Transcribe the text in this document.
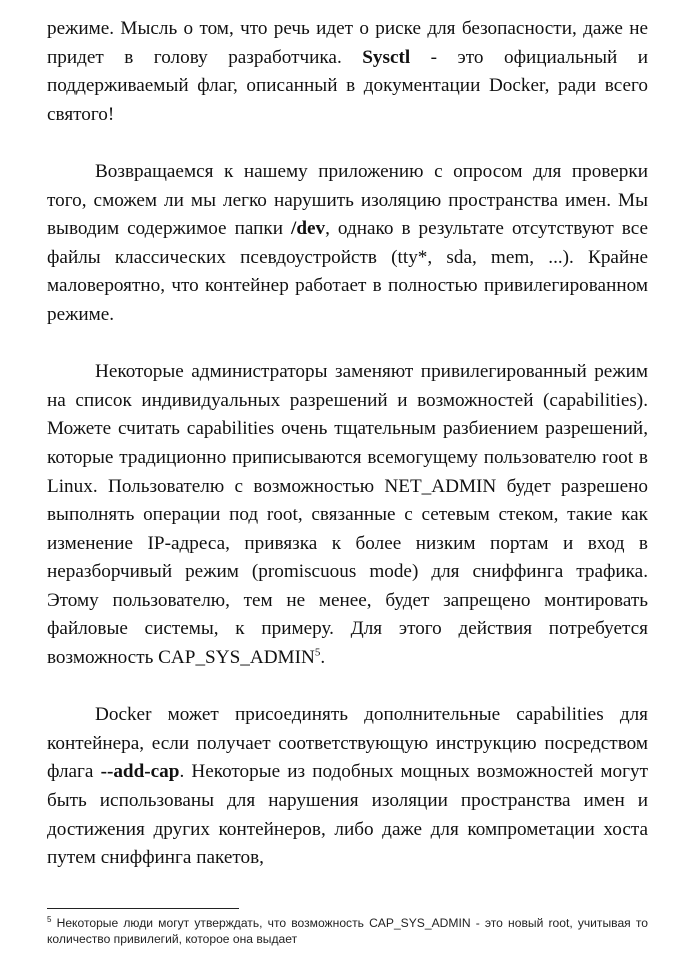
режиме. Мысль о том, что речь идет о риске для безопасности, даже не придет в голову разработчика. Sysctl - это официальный и поддерживаемый флаг, описанный в документации Docker, ради всего святого!

Возвращаемся к нашему приложению с опросом для проверки того, сможем ли мы легко нарушить изоляцию пространства имен. Мы выводим содержимое папки /dev, однако в результате отсутствуют все файлы классических псевдоустройств (tty*, sda, mem, ...). Крайне маловероятно, что контейнер работает в полностью привилегированном режиме.

Некоторые администраторы заменяют привилегированный режим на список индивидуальных разрешений и возможностей (capabilities). Можете считать capabilities очень тщательным разбиением разрешений, которые традиционно приписываются всемогущему пользователю root в Linux. Пользователю с возможностью NET_ADMIN будет разрешено выполнять операции под root, связанные с сетевым стеком, такие как изменение IP-адреса, привязка к более низким портам и вход в неразборчивый режим (promiscuous mode) для сниффинга трафика. Этому пользователю, тем не менее, будет запрещено монтировать файловые системы, к примеру. Для этого действия потребуется возможность CAP_SYS_ADMIN$^5$.

Docker может присоединять дополнительные capabilities для контейнера, если получает соответствующую инструкцию посредством флага --add-cap. Некоторые из подобных мощных возможностей могут быть использованы для нарушения изоляции пространства имен и достижения других контейнеров, либо даже для компрометации хоста путем сниффинга пакетов,

$^5$ Некоторые люди могут утверждать, что возможность CAP_SYS_ADMIN - это новый root, учитывая то количество привилегий, которое она выдает
